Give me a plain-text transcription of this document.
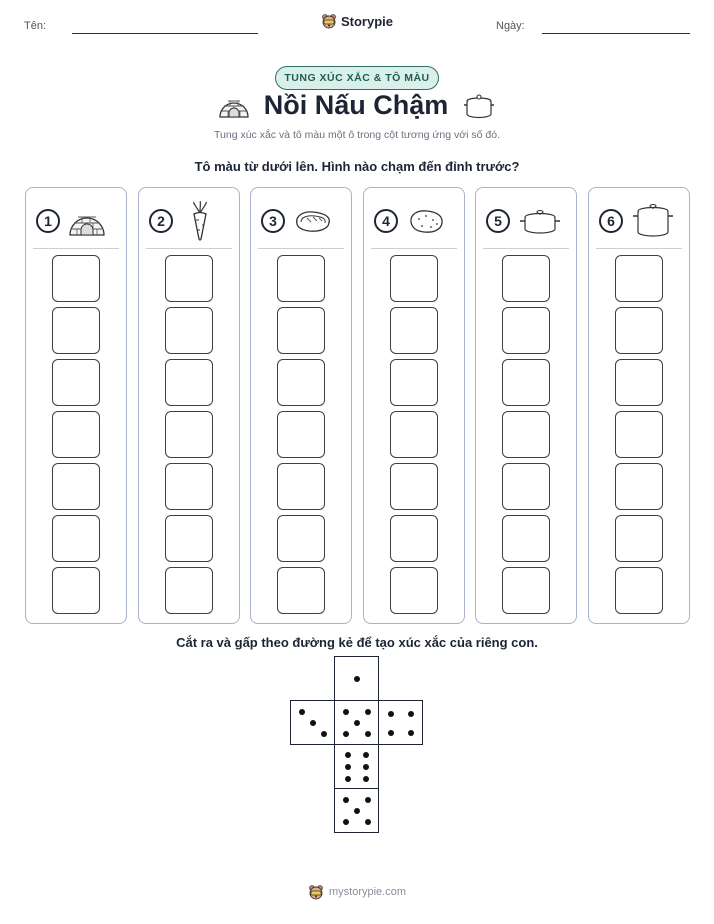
Tên:	Storypie	Ngày:
TUNG XÚC XẮC & TÔ MÀU
Nồi Nấu Chậm
Tung xúc xắc và tô màu một ô trong cột tương ứng với số đó.
Tô màu từ dưới lên. Hình nào chạm đến đỉnh trước?
1	2	3	4	5	6
Cắt ra và gấp theo đường kẻ để tạo xúc xắc của riêng con.
mystorypie.com
